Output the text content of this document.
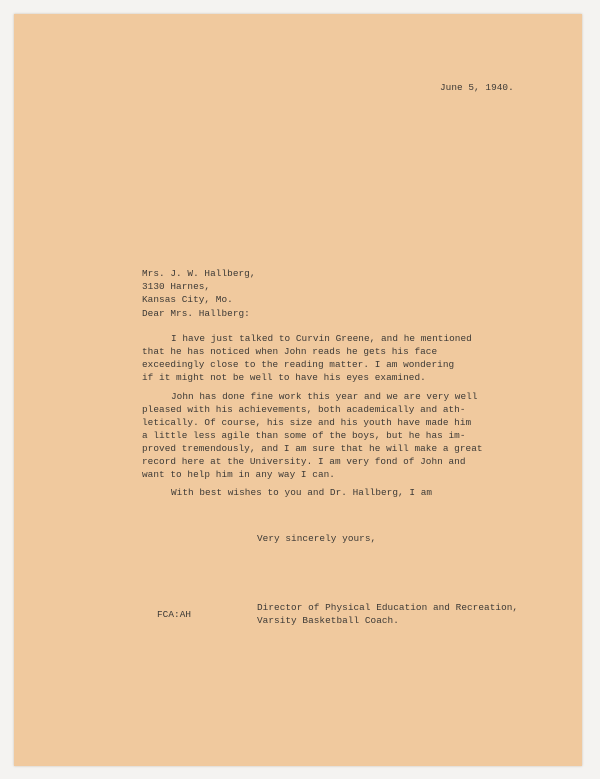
June 5, 1940.
Mrs. J. W. Hallberg,
3130 Harnes,
Kansas City, Mo.
Dear Mrs. Hallberg:
I have just talked to Curvin Greene, and he mentioned
that he has noticed when John reads he gets his face
exceedingly close to the reading matter. I am wondering
if it might not be well to have his eyes examined.
John has done fine work this year and we are very well
pleased with his achievements, both academically and ath-
letically. Of course, his size and his youth have made him
a little less agile than some of the boys, but he has im-
proved tremendously, and I am sure that he will make a great
record here at the University. I am very fond of John and
want to help him in any way I can.
With best wishes to you and Dr. Hallberg, I am
Very sincerely yours,
Director of Physical Education and Recreation,
Varsity Basketball Coach.
FCA:AH
